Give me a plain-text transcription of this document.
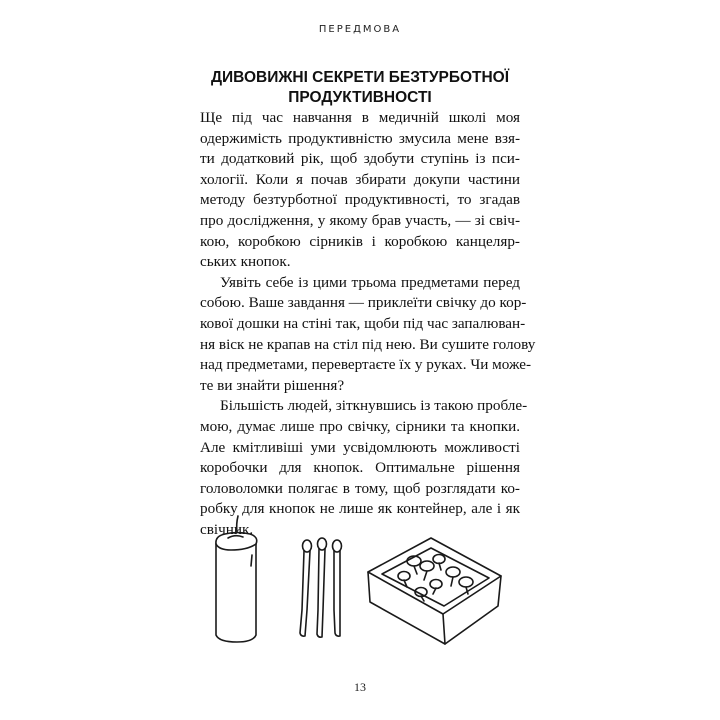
ПЕРЕДМОВА
ДИВОВИЖНІ СЕКРЕТИ БЕЗТУРБОТНОЇ
ПРОДУКТИВНОСТІ

Ще під час навчання в медичній школі моя
одержимість продуктивністю змусила мене взя-
ти додатковий рік, щоб здобути ступінь із пси-
хології. Коли я почав збирати докупи частини
методу безтурботної продуктивності, то згадав
про дослідження, у якому брав участь, — зі свіч-
кою, коробкою сірників і коробкою канцеляр-
ських кнопок.

Уявіть себе із цими трьома предметами перед
собою. Ваше завдання — приклеїти свічку до кор-
кової дошки на стіні так, щоби під час запалюван-
ня віск не крапав на стіл під нею. Ви сушите голову
над предметами, перевертаєте їх у руках. Чи може-
те ви знайти рішення?

Більшість людей, зіткнувшись із такою пробле-
мою, думає лише про свічку, сірники та кнопки.
Але кмітливіші уми усвідомлюють можливості
коробочки для кнопок. Оптимальне рішення
головоломки полягає в тому, щоб розглядати ко-
робку для кнопок не лише як контейнер, але і як
свічник.

13
